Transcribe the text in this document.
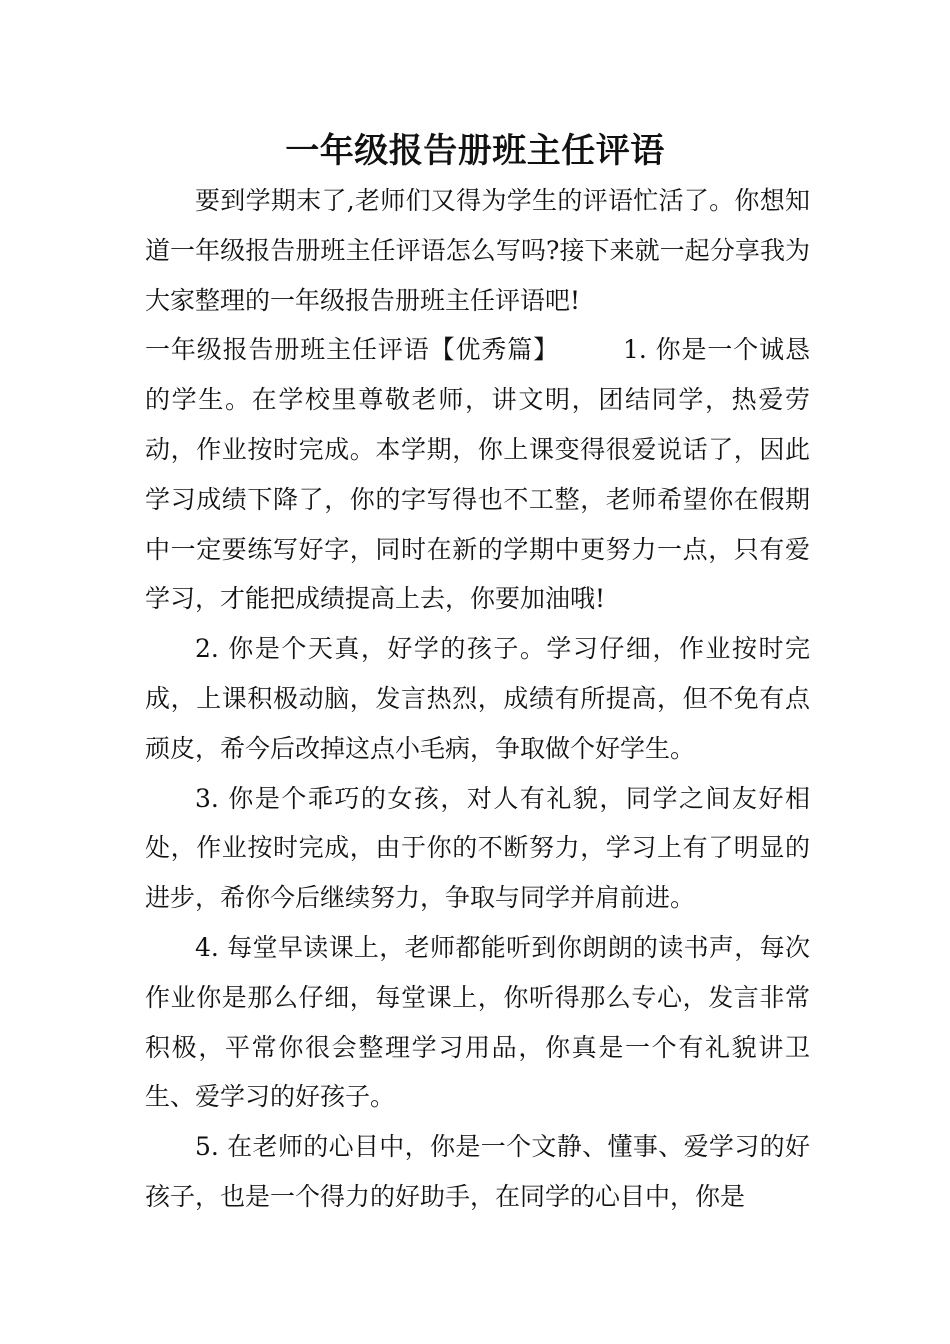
一年级报告册班主任评语

要到学期末了,老师们又得为学生的评语忙活了。你想知道一年级报告册班主任评语怎么写吗?接下来就一起分享我为大家整理的一年级报告册班主任评语吧!

一年级报告册班主任评语【优秀篇】	1. 你是一个诚恳的学生。在学校里尊敬老师，讲文明，团结同学，热爱劳动，作业按时完成。本学期，你上课变得很爱说话了，因此学习成绩下降了，你的字写得也不工整，老师希望你在假期中一定要练写好字，同时在新的学期中更努力一点，只有爱学习，才能把成绩提高上去，你要加油哦!

2. 你是个天真，好学的孩子。学习仔细，作业按时完成，上课积极动脑，发言热烈，成绩有所提高，但不免有点顽皮，希今后改掉这点小毛病，争取做个好学生。

3. 你是个乖巧的女孩，对人有礼貌，同学之间友好相处，作业按时完成，由于你的不断努力，学习上有了明显的进步，希你今后继续努力，争取与同学并肩前进。

4. 每堂早读课上，老师都能听到你朗朗的读书声，每次作业你是那么仔细，每堂课上，你听得那么专心，发言非常积极，平常你很会整理学习用品，你真是一个有礼貌讲卫生、爱学习的好孩子。

5. 在老师的心目中，你是一个文静、懂事、爱学习的好孩子，也是一个得力的好助手，在同学的心目中，你是
